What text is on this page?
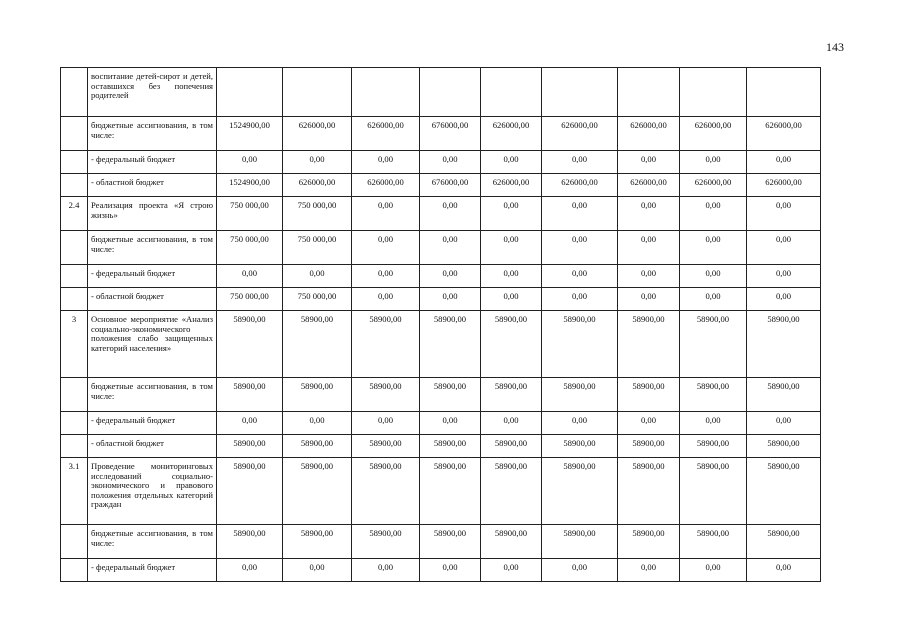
143
	воспитание детей-сирот и детей, оставшихся без попечения родителей									
	бюджетные ассигнования, в том числе:	1524900,00	626000,00	626000,00	676000,00	626000,00	626000,00	626000,00	626000,00	626000,00
	- федеральный бюджет	0,00	0,00	0,00	0,00	0,00	0,00	0,00	0,00	0,00
	- областной бюджет	1524900,00	626000,00	626000,00	676000,00	626000,00	626000,00	626000,00	626000,00	626000,00
2.4	Реализация проекта «Я строю жизнь»	750 000,00	750 000,00	0,00	0,00	0,00	0,00	0,00	0,00	0,00
	бюджетные ассигнования, в том числе:	750 000,00	750 000,00	0,00	0,00	0,00	0,00	0,00	0,00	0,00
	- федеральный бюджет	0,00	0,00	0,00	0,00	0,00	0,00	0,00	0,00	0,00
	- областной бюджет	750 000,00	750 000,00	0,00	0,00	0,00	0,00	0,00	0,00	0,00
3	Основное мероприятие «Анализ социально-экономического положения слабо защищенных категорий населения»	58900,00	58900,00	58900,00	58900,00	58900,00	58900,00	58900,00	58900,00	58900,00
	бюджетные ассигнования, в том числе:	58900,00	58900,00	58900,00	58900,00	58900,00	58900,00	58900,00	58900,00	58900,00
	- федеральный бюджет	0,00	0,00	0,00	0,00	0,00	0,00	0,00	0,00	0,00
	- областной бюджет	58900,00	58900,00	58900,00	58900,00	58900,00	58900,00	58900,00	58900,00	58900,00
3.1	Проведение мониторинговых исследований социально-экономического и правового положения отдельных категорий граждан	58900,00	58900,00	58900,00	58900,00	58900,00	58900,00	58900,00	58900,00	58900,00
	бюджетные ассигнования, в том числе:	58900,00	58900,00	58900,00	58900,00	58900,00	58900,00	58900,00	58900,00	58900,00
	- федеральный бюджет	0,00	0,00	0,00	0,00	0,00	0,00	0,00	0,00	0,00
